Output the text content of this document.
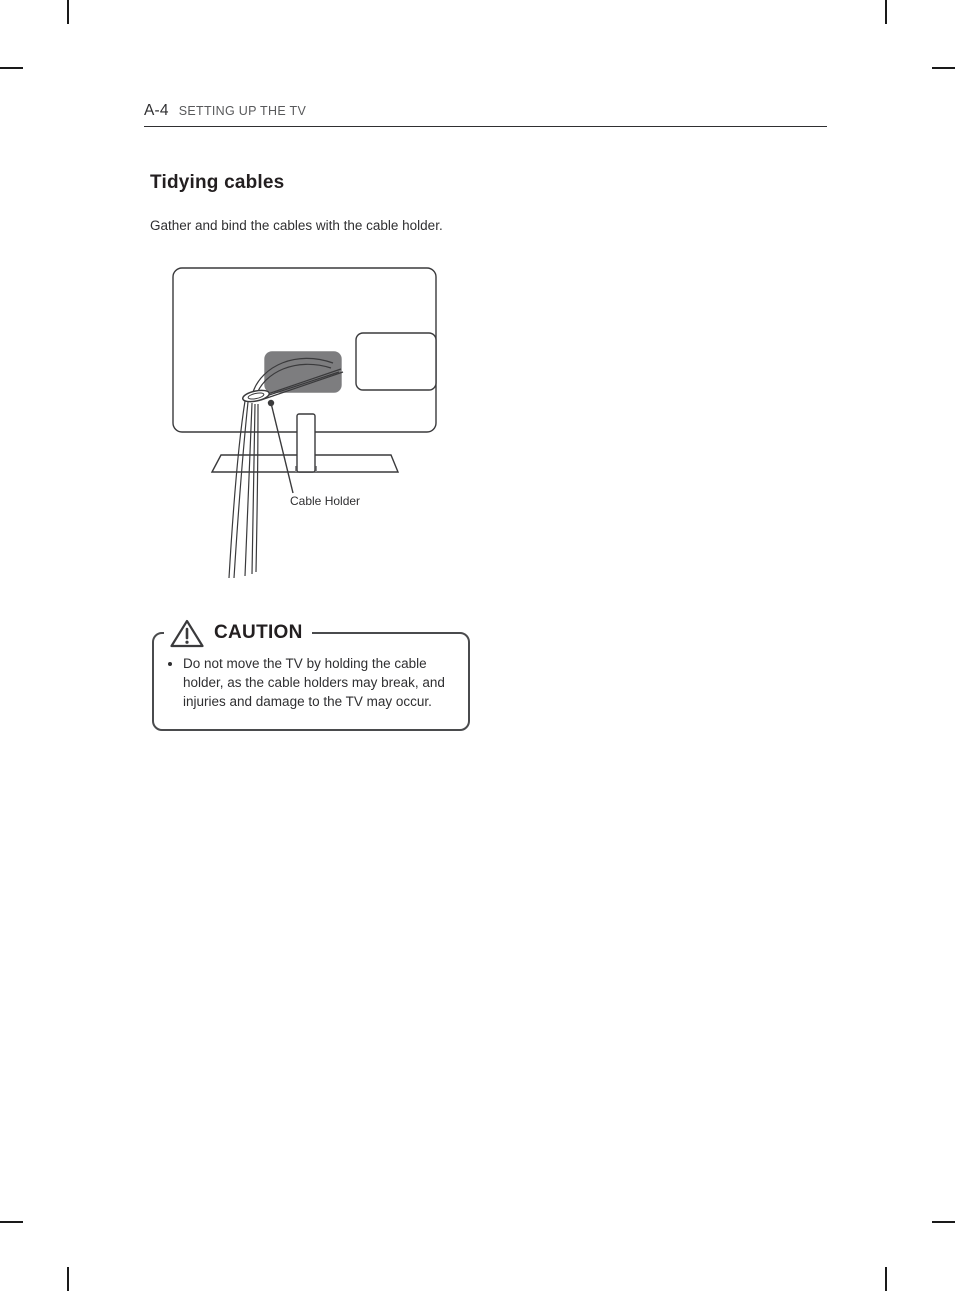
A-4 SETTING UP THE TV
Tidying cables
Gather and bind the cables with the cable holder.
Cable Holder
CAUTION
• Do not move the TV by holding the cable holder, as the cable holders may break, and injuries and damage to the TV may occur.
